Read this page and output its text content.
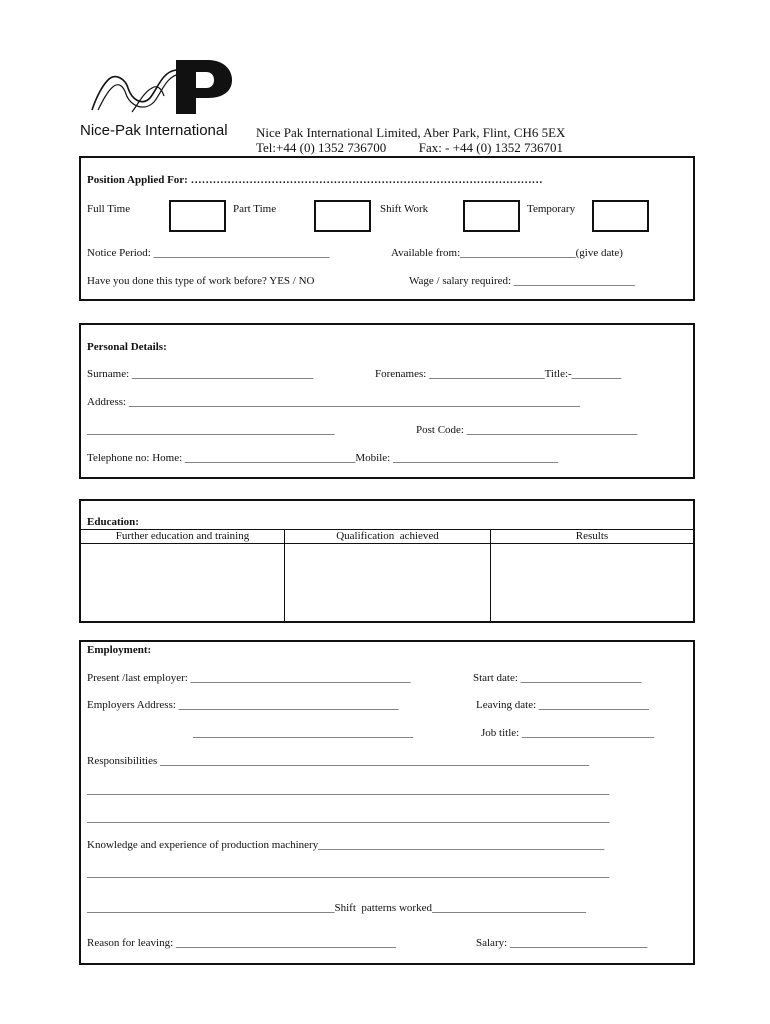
Nice-Pak International Nice Pak International Limited, Aber Park, Flint, CH6 5EX
Tel:+44 (0) 1352 736700          Fax: - +44 (0) 1352 736701
Position Applied For: ……………………………………………………………………………………
Full Time	Part Time	Shift Work	Temporary
Notice Period: ________________________________	Available from:_____________________(give date)
Have you done this type of work before? YES / NO	Wage / salary required: ______________________
Personal Details:
Surname: _________________________________	Forenames: _____________________Title:-_________
Address: __________________________________________________________________________________
_____________________________________________	Post Code: _______________________________
Telephone no: Home: _______________________________Mobile: ______________________________
Education:
Further education and training	Qualification  achieved	Results
Employment:
Present /last employer: ________________________________________	Start date: ______________________
Employers Address: ________________________________________	Leaving date: ____________________
________________________________________	Job title: ________________________
Responsibilities ______________________________________________________________________________
_______________________________________________________________________________________________
_______________________________________________________________________________________________
Knowledge and experience of production machinery____________________________________________________
_______________________________________________________________________________________________
_____________________________________________Shift  patterns worked____________________________
Reason for leaving: ________________________________________	Salary: _________________________
